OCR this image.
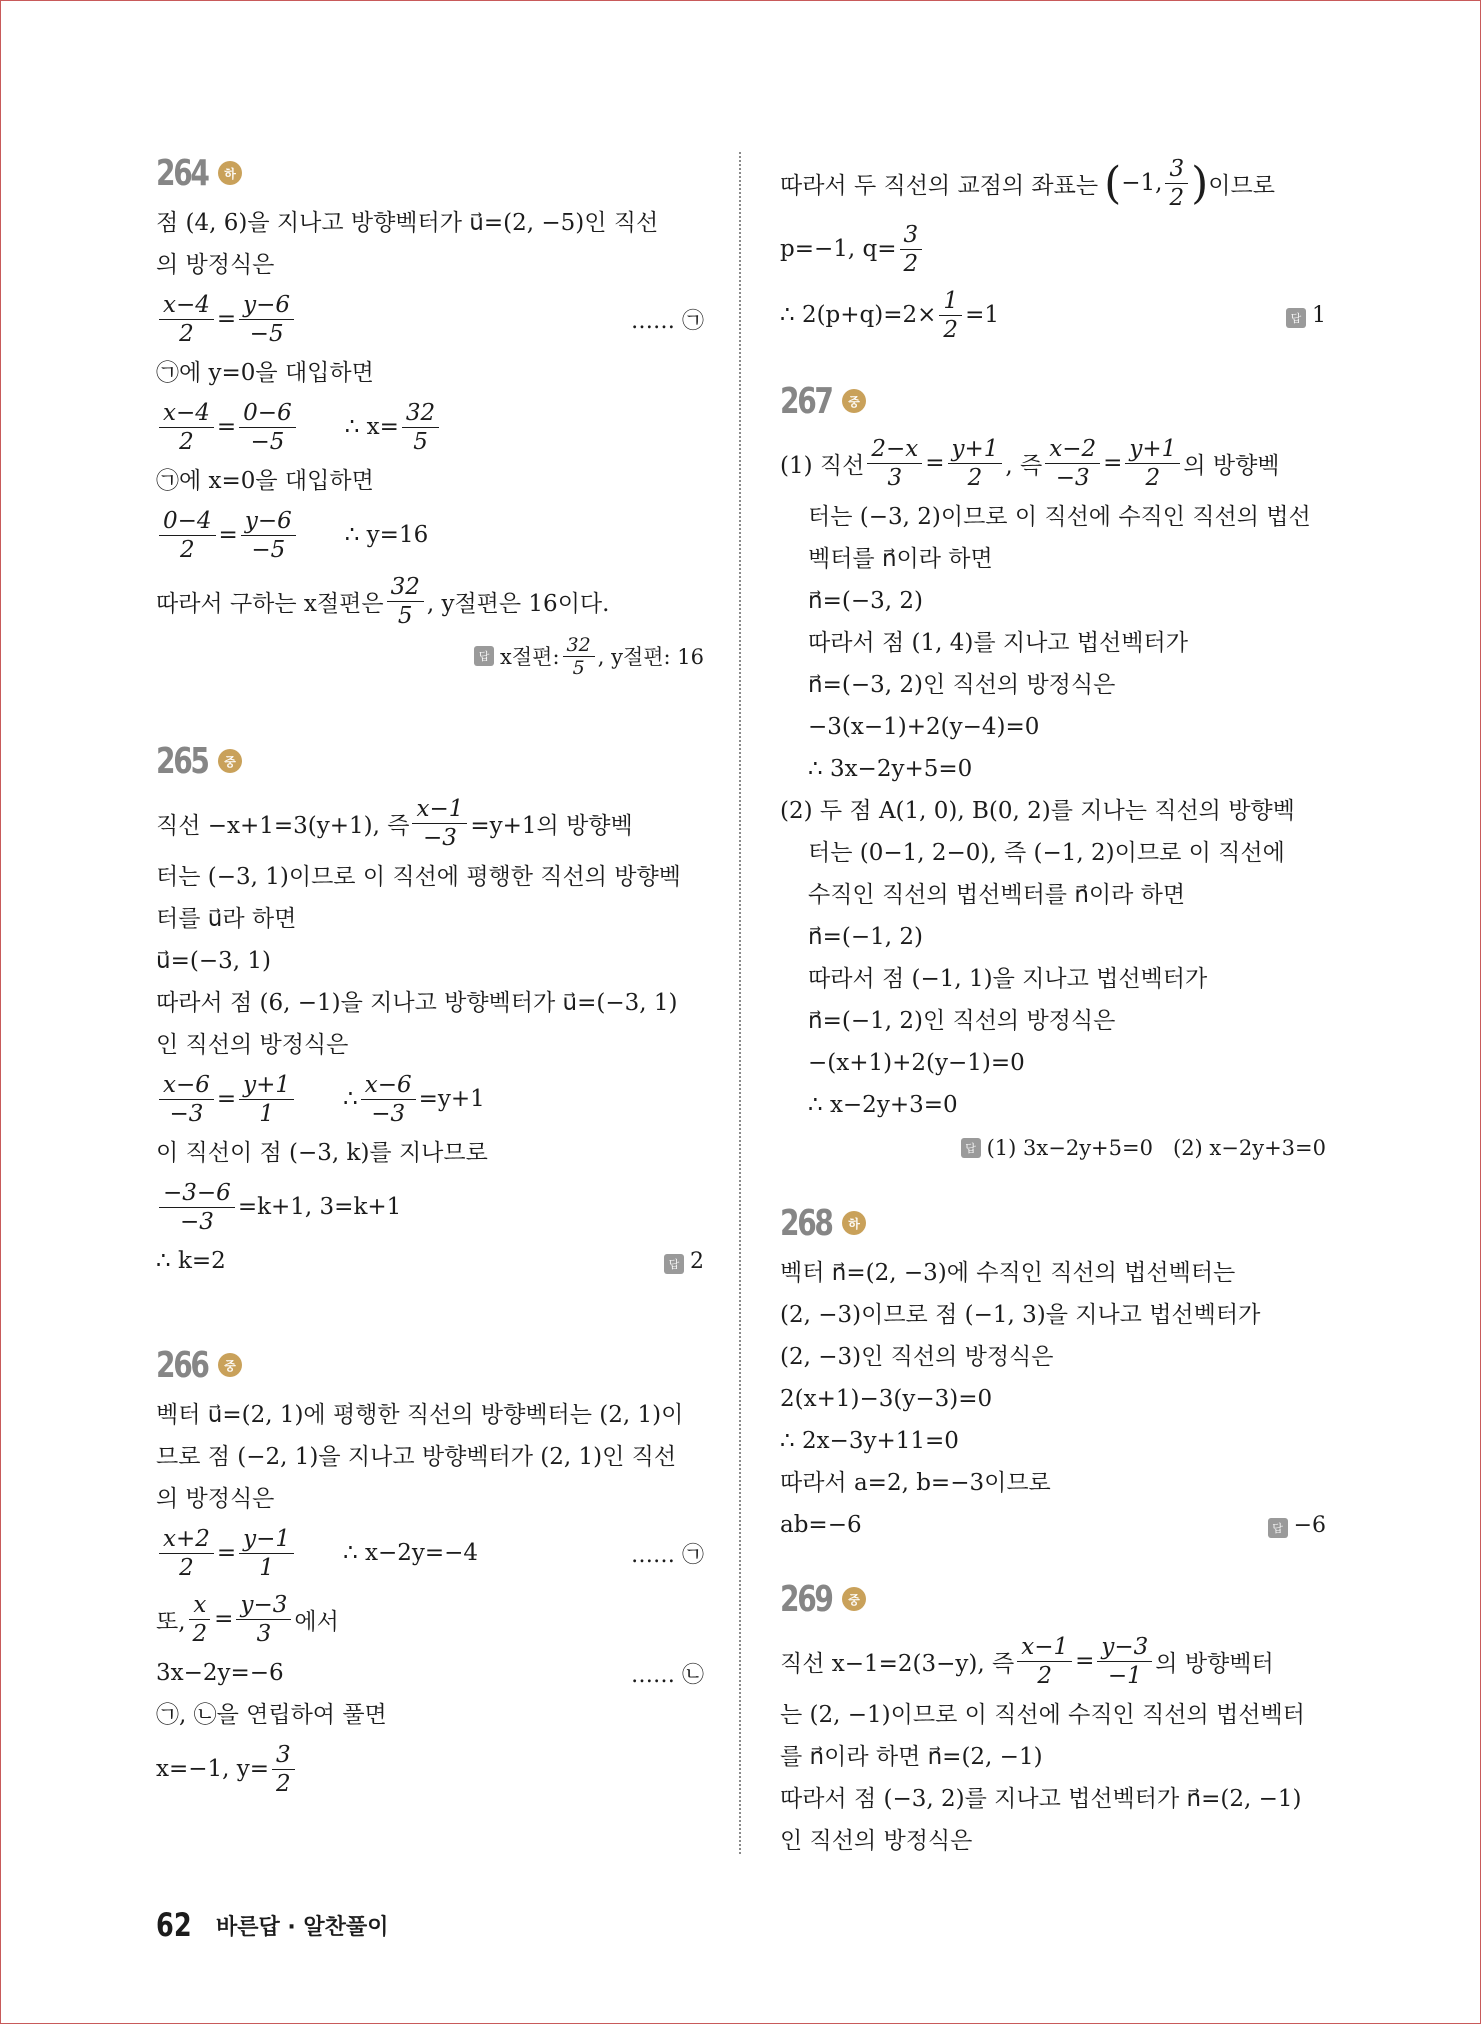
264	하
점 (4, 6)을 지나고 방향벡터가 u⃗=(2, −5)인 직선
의 방정식은
$\frac{x-4}{2} = \frac{y-6}{-5}$	…… ㉠
㉠에 y=0을 대입하면
$\frac{x-4}{2} = \frac{0-6}{-5}$ ∴ $x= \frac{32}{5}$
㉠에 x=0을 대입하면
$\frac{0-4}{2} = \frac{y-6}{-5}$ ∴ y=16
따라서 구하는 x절편은 $\frac{32}{5}$ , y절편은 16이다.
답 x절편: $\frac{32}{5}$ , y절편: 16
265	중
직선 −x+1=3(y+1), 즉 $\frac{x-1}{-3} =y+1$의 방향벡
터는 (−3, 1)이므로 이 직선에 평행한 직선의 방향벡
터를 u⃗라 하면
u⃗=(−3, 1)
따라서 점 (6, −1)을 지나고 방향벡터가 u⃗=(−3, 1)
인 직선의 방정식은
$\frac{x-6}{-3} = \frac{y+1}{1}$ ∴ $\frac{x-6}{-3} =y+1$
이 직선이 점 (−3, k)를 지나므로
$\frac{-3-6}{-3} =k+1$, 3=k+1
∴ k=2	답 2
266	중
벡터 u⃗=(2, 1)에 평행한 직선의 방향벡터는 (2, 1)이
므로 점 (−2, 1)을 지나고 방향벡터가 (2, 1)인 직선
의 방정식은
$\frac{x+2}{2} = \frac{y-1}{1}$ ∴ x−2y=−4	…… ㉠
또, $\frac{x}{2} = \frac{y-3}{3}$ 에서
3x−2y=−6	…… ㉡
㉠, ㉡을 연립하여 풀면
x=−1, $y= \frac{3}{2}$
따라서 두 직선의 교점의 좌표는 ( −1, $\frac{3}{2}$ ) 이므로
p=−1, $q= \frac{3}{2}$
∴ $2(p+q)=2\times \frac{1}{2} =1$	답 1
267	중
(1) 직선 $\frac{2-x}{3} = \frac{y+1}{2}$ , 즉 $\frac{x-2}{-3} = \frac{y+1}{2}$ 의 방향벡
터는 (−3, 2)이므로 이 직선에 수직인 직선의 법선
벡터를 n⃗이라 하면
n⃗=(−3, 2)
따라서 점 (1, 4)를 지나고 법선벡터가
n⃗=(−3, 2)인 직선의 방정식은
−3(x−1)+2(y−4)=0
∴ 3x−2y+5=0
(2) 두 점 A(1, 0), B(0, 2)를 지나는 직선의 방향벡
터는 (0−1, 2−0), 즉 (−1, 2)이므로 이 직선에
수직인 직선의 법선벡터를 n⃗이라 하면
n⃗=(−1, 2)
따라서 점 (−1, 1)을 지나고 법선벡터가
n⃗=(−1, 2)인 직선의 방정식은
−(x+1)+2(y−1)=0
∴ x−2y+3=0
답 (1) 3x−2y+5=0   (2) x−2y+3=0
268	하
벡터 n⃗=(2, −3)에 수직인 직선의 법선벡터는
(2, −3)이므로 점 (−1, 3)을 지나고 법선벡터가
(2, −3)인 직선의 방정식은
2(x+1)−3(y−3)=0
∴ 2x−3y+11=0
따라서 a=2, b=−3이므로
ab=−6	답 −6
269	중
직선 x−1=2(3−y), 즉 $\frac{x-1}{2} = \frac{y-3}{-1}$ 의 방향벡터
는 (2, −1)이므로 이 직선에 수직인 직선의 법선벡터
를 n⃗이라 하면 n⃗=(2, −1)
따라서 점 (−3, 2)를 지나고 법선벡터가 n⃗=(2, −1)
인 직선의 방정식은
62 바른답 · 알찬풀이
